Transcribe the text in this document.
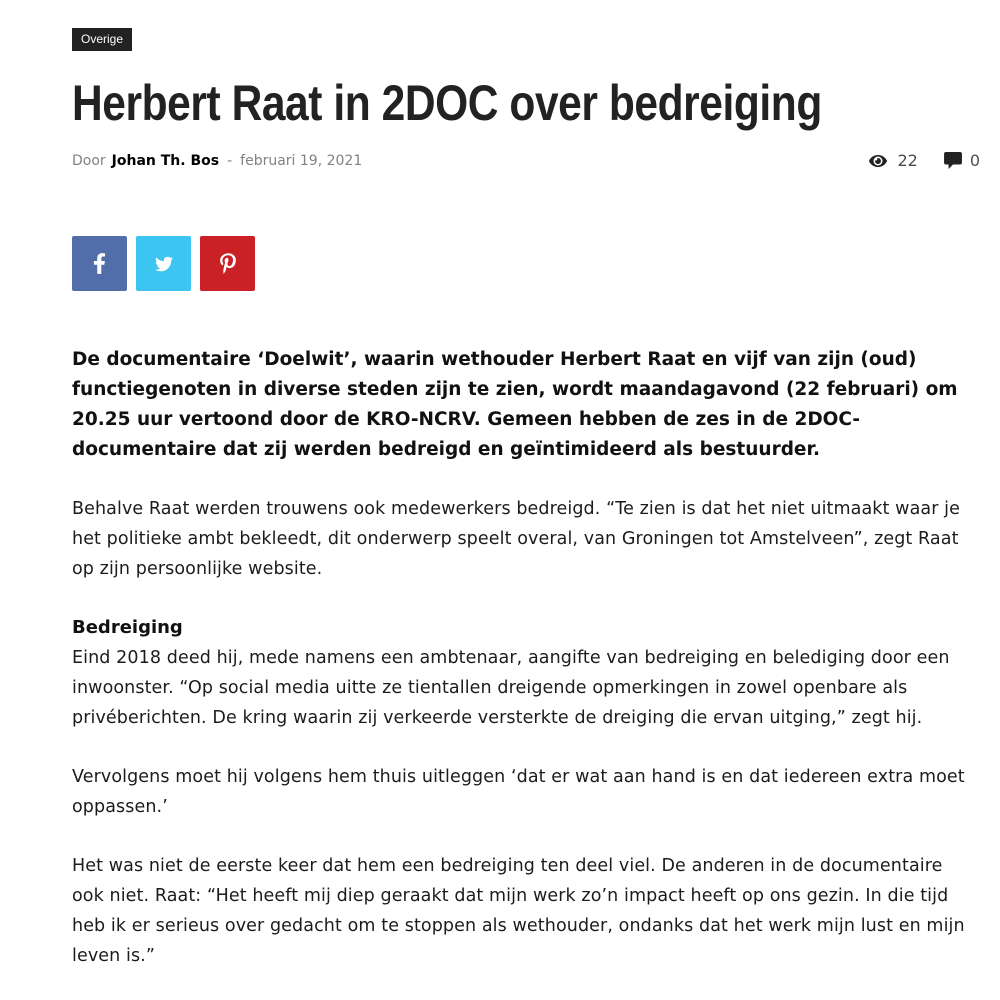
Overige
Herbert Raat in 2DOC over bedreiging
Door Johan Th. Bos - februari 19, 2021	22	0

De documentaire ‘Doelwit’, waarin wethouder Herbert Raat en vijf van zijn (oud) functiegenoten in diverse steden zijn te zien, wordt maandagavond (22 februari) om 20.25 uur vertoond door de KRO-NCRV. Gemeen hebben de zes in de 2DOC-documentaire dat zij werden bedreigd en geïntimideerd als bestuurder.

Behalve Raat werden trouwens ook medewerkers bedreigd. “Te zien is dat het niet uitmaakt waar je het politieke ambt bekleedt, dit onderwerp speelt overal, van Groningen tot Amstelveen”, zegt Raat op zijn persoonlijke website.

Bedreiging

Eind 2018 deed hij, mede namens een ambtenaar, aangifte van bedreiging en belediging door een inwoonster. “Op social media uitte ze tientallen dreigende opmerkingen in zowel openbare als privéberichten. De kring waarin zij verkeerde versterkte de dreiging die ervan uitging,” zegt hij.

Vervolgens moet hij volgens hem thuis uitleggen ‘dat er wat aan hand is en dat iedereen extra moet oppassen.’

Het was niet de eerste keer dat hem een bedreiging ten deel viel. De anderen in de documentaire ook niet. Raat: “Het heeft mij diep geraakt dat mijn werk zo’n impact heeft op ons gezin. In die tijd heb ik er serieus over gedacht om te stoppen als wethouder, ondanks dat het werk mijn lust en mijn leven is.”
